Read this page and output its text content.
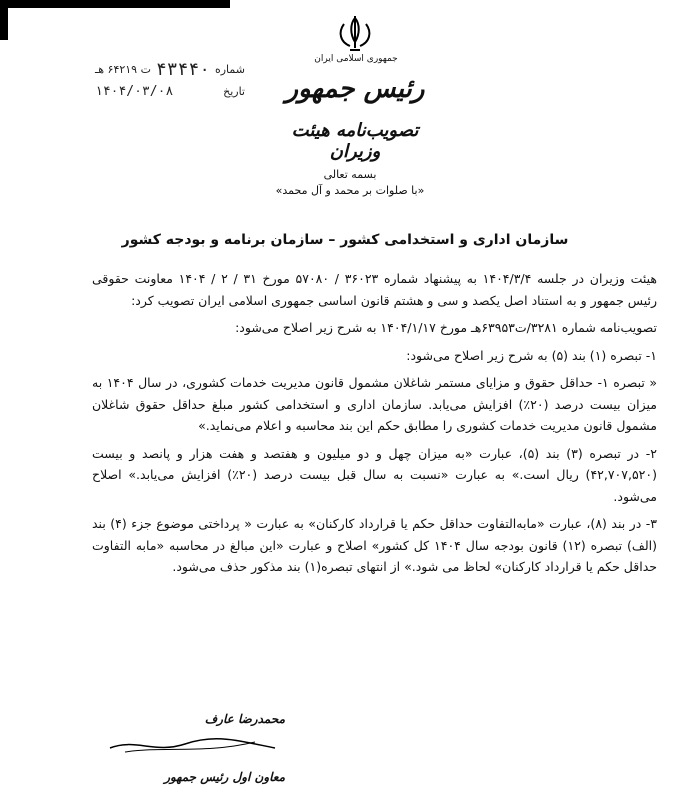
شماره
۴۳۴۴۰
ت ۶۴۲۱۹ هـ
تاریخ
۱۴۰۴/۰۳/۰۸
جمهوری اسلامی ایران
رئیس جمهور
تصویب‌نامه هیئت وزیران
بسمه تعالی
«با صلوات بر محمد و آل محمد»
سازمان اداری و استخدامی کشور – سازمان برنامه و بودجه کشور

هیئت وزیران در جلسه ۱۴۰۴/۳/۴ به پیشنهاد شماره ۳۶۰۲۳ / ۵۷۰۸۰ مورخ ۳۱ / ۲ / ۱۴۰۴ معاونت حقوقی رئیس جمهور و به استناد اصل یکصد و سی و هشتم قانون اساسی جمهوری اسلامی ایران تصویب کرد:

تصویب‌نامه شماره ۳۲۸۱/ت۶۳۹۵۳هـ مورخ ۱۴۰۴/۱/۱۷ به شرح زیر اصلاح می‌شود:

۱- تبصره (۱) بند (۵) به شرح زیر اصلاح می‌شود:

« تبصره ۱- حداقل حقوق و مزایای مستمر شاغلان مشمول قانون مدیریت خدمات کشوری، در سال ۱۴۰۴ به میزان بیست درصد (۲۰٪) افزایش می‌یابد. سازمان اداری و استخدامی کشور مبلغ حداقل حقوق شاغلان مشمول قانون مدیریت خدمات کشوری را مطابق حکم این بند محاسبه و اعلام می‌نماید.»

۲- در تبصره (۳) بند (۵)، عبارت «به میزان چهل و دو میلیون و هفتصد و هفت هزار و پانصد و بیست (۴۲,۷۰۷,۵۲۰) ریال است.» به عبارت «نسبت به سال قبل بیست درصد (۲۰٪) افزایش می‌یابد.» اصلاح می‌شود.

۳- در بند (۸)، عبارت «مابه‌التفاوت حداقل حکم یا قرارداد کارکنان» به عبارت « پرداختی موضوع جزء (۴) بند (الف) تبصره (۱۲) قانون بودجه سال ۱۴۰۴ کل کشور» اصلاح و عبارت «این مبالغ در محاسبه «مابه التفاوت حداقل حکم یا قرارداد کارکنان» لحاظ می شود.» از انتهای تبصره(۱) بند مذکور حذف می‌شود.

محمدرضا عارف
معاون اول رئیس جمهور
